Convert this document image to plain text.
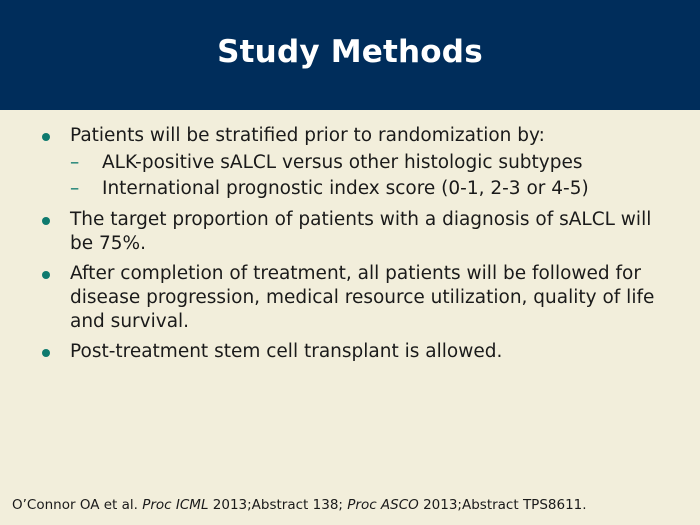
Study Methods
Patients will be stratified prior to randomization by:
– ALK-positive sALCL versus other histologic subtypes
– International prognostic index score (0-1, 2-3 or 4-5)
The target proportion of patients with a diagnosis of sALCL will be 75%.
After completion of treatment, all patients will be followed for disease progression, medical resource utilization, quality of life and survival.
Post-treatment stem cell transplant is allowed.
O’Connor OA et al. Proc ICML 2013;Abstract 138; Proc ASCO 2013;Abstract TPS8611.
